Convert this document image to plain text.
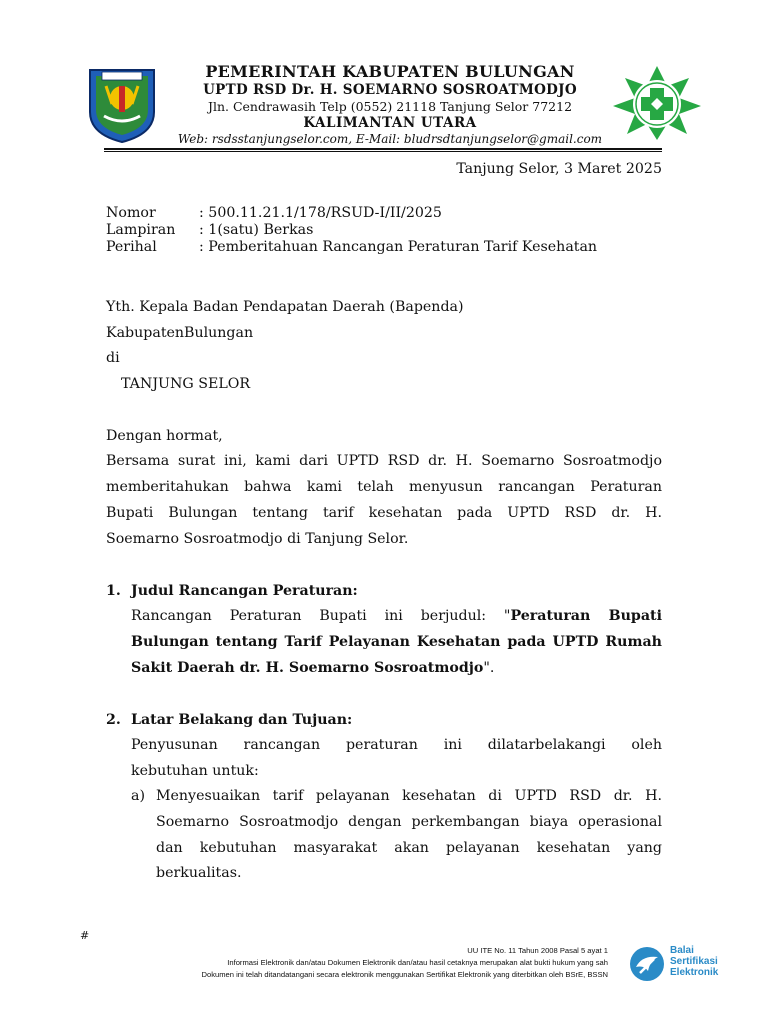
PEMERINTAH KABUPATEN BULUNGAN
UPTD RSD Dr. H. SOEMARNO SOSROATMODJO
Jln. Cendrawasih Telp (0552) 21118 Tanjung Selor 77212
KALIMANTAN UTARA
Web: rsdsstanjungselor.com, E-Mail: bludrsdtanjungselor@gmail.com
Tanjung Selor, 3 Maret 2025
Nomor	: 500.11.21.1/178/RSUD-I/II/2025
Lampiran : 1(satu) Berkas
Perihal	: Pemberitahuan Rancangan Peraturan Tarif Kesehatan
Yth. Kepala Badan Pendapatan Daerah (Bapenda)
KabupatenBulungan
di
TANJUNG SELOR
Dengan hormat,
Bersama surat ini, kami dari UPTD RSD dr. H. Soemarno Sosroatmodjo
memberitahukan bahwa kami telah menyusun rancangan Peraturan
Bupati Bulungan tentang tarif kesehatan pada UPTD RSD dr. H.
Soemarno Sosroatmodjo di Tanjung Selor.
1. Judul Rancangan Peraturan:
Rancangan Peraturan Bupati ini berjudul: "Peraturan Bupati
Bulungan tentang Tarif Pelayanan Kesehatan pada UPTD Rumah
Sakit Daerah dr. H. Soemarno Sosroatmodjo".
2. Latar Belakang dan Tujuan:
Penyusunan rancangan peraturan ini dilatarbelakangi oleh
kebutuhan untuk:
a) Menyesuaikan tarif pelayanan kesehatan di UPTD RSD dr. H.
Soemarno Sosroatmodjo dengan perkembangan biaya operasional
dan kebutuhan masyarakat akan pelayanan kesehatan yang
berkualitas.
#
UU ITE No. 11 Tahun 2008 Pasal 5 ayat 1
Informasi Elektronik dan/atau Dokumen Elektronik dan/atau hasil cetaknya merupakan alat bukti hukum yang sah
Dokumen ini telah ditandatangani secara elektronik menggunakan Sertifikat Elektronik yang diterbitkan oleh BSrE, BSSN
Balai
Sertifikasi
Elektronik
